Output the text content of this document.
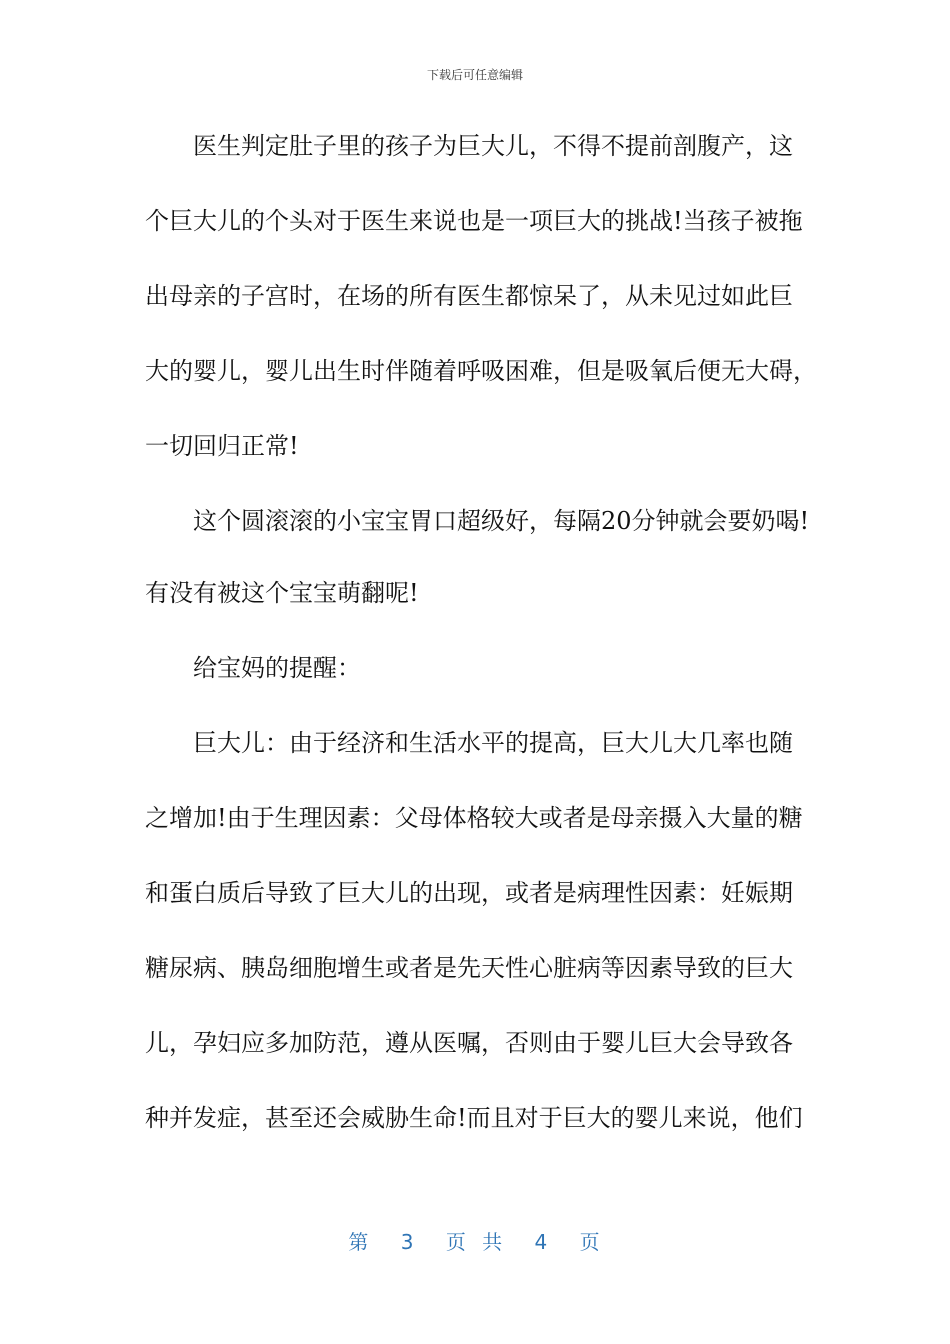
下载后可任意编辑
医生判定肚子里的孩子为巨大儿，不得不提前剖腹产，这
个巨大儿的个头对于医生来说也是一项巨大的挑战!当孩子被拖
出母亲的子宫时，在场的所有医生都惊呆了，从未见过如此巨
大的婴儿，婴儿出生时伴随着呼吸困难，但是吸氧后便无大碍，
一切回归正常!
这个圆滚滚的小宝宝胃口超级好，每隔20分钟就会要奶喝!
有没有被这个宝宝萌翻呢!
给宝妈的提醒：
巨大儿：由于经济和生活水平的提高，巨大儿大几率也随
之增加!由于生理因素：父母体格较大或者是母亲摄入大量的糖
和蛋白质后导致了巨大儿的出现，或者是病理性因素：妊娠期
糖尿病、胰岛细胞增生或者是先天性心脏病等因素导致的巨大
儿，孕妇应多加防范，遵从医嘱，否则由于婴儿巨大会导致各
种并发症，甚至还会威胁生命!而且对于巨大的婴儿来说，他们
第 3 页 共 4 页
